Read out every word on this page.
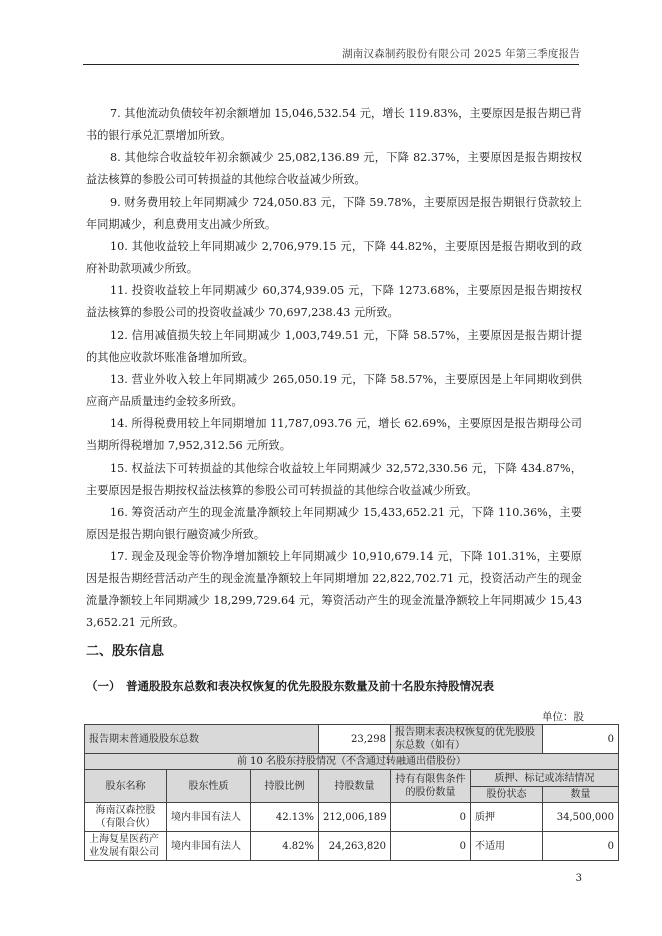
湖南汉森制药股份有限公司 2025 年第三季度报告

7. 其他流动负债较年初余额增加 15,046,532.54 元，增长 119.83%，主要原因是报告期已背书的银行承兑汇票增加所致。

8. 其他综合收益较年初余额减少 25,082,136.89 元，下降 82.37%，主要原因是报告期按权益法核算的参股公司可转损益的其他综合收益减少所致。

9. 财务费用较上年同期减少 724,050.83 元，下降 59.78%，主要原因是报告期银行贷款较上年同期减少，利息费用支出减少所致。

10. 其他收益较上年同期减少 2,706,979.15 元，下降 44.82%，主要原因是报告期收到的政府补助款项减少所致。

11. 投资收益较上年同期减少 60,374,939.05 元，下降 1273.68%，主要原因是报告期按权益法核算的参股公司的投资收益减少 70,697,238.43 元所致。

12. 信用减值损失较上年同期减少 1,003,749.51 元，下降 58.57%，主要原因是报告期计提的其他应收款坏账准备增加所致。

13. 营业外收入较上年同期减少 265,050.19 元，下降 58.57%，主要原因是上年同期收到供应商产品质量违约金较多所致。

14. 所得税费用较上年同期增加 11,787,093.76 元，增长 62.69%，主要原因是报告期母公司当期所得税增加 7,952,312.56 元所致。

15. 权益法下可转损益的其他综合收益较上年同期减少 32,572,330.56 元，下降 434.87%，主要原因是报告期按权益法核算的参股公司可转损益的其他综合收益减少所致。

16. 筹资活动产生的现金流量净额较上年同期减少 15,433,652.21 元，下降 110.36%，主要原因是报告期向银行融资减少所致。

17. 现金及现金等价物净增加额较上年同期减少 10,910,679.14 元，下降 101.31%，主要原因是报告期经营活动产生的现金流量净额较上年同期增加 22,822,702.71 元，投资活动产生的现金流量净额较上年同期减少 18,299,729.64 元，筹资活动产生的现金流量净额较上年同期减少 15,433,652.21 元所致。

二、股东信息
（一） 普通股股东总数和表决权恢复的优先股股东数量及前十名股东持股情况表
单位：股
报告期末普通股股东总数			23,298	报告期末表决权恢复的优先股股东总数（如有）		0
前 10 名股东持股情况（不含通过转融通出借股份）						
股东名称	股东性质	持股比例	持股数量	持有有限售条件的股份数量	质押、标记或冻结情况	
					股份状态	数量
海南汉森控股（有限合伙）	境内非国有法人	42.13%	212,006,189	0	质押	34,500,000
上海复星医药产业发展有限公司	境内非国有法人	4.82%	24,263,820	0	不适用	0
3
